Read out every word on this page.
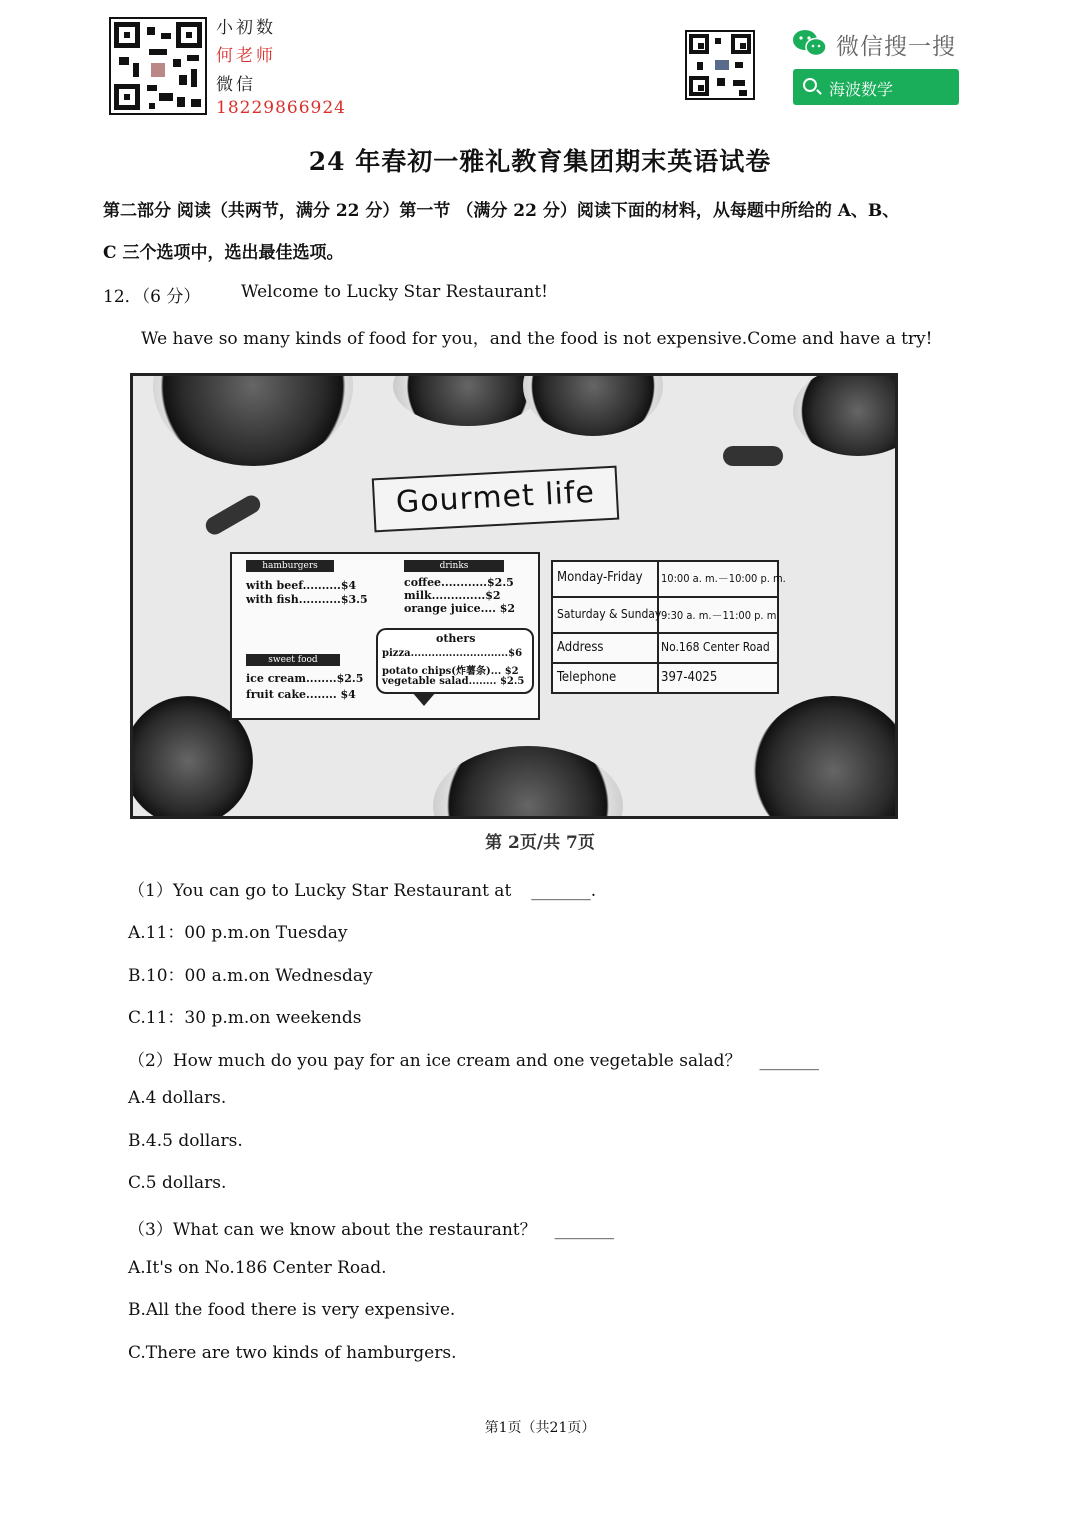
小初数
何老师
微信
18229866924
微信搜一搜
海波数学
24 年春初一雅礼教育集团期末英语试卷
第二部分 阅读（共两节，满分 22 分）第一节 （满分 22 分）阅读下面的材料，从每题中所给的 A、B、
C 三个选项中，选出最佳选项。
12．（6 分） Welcome to Lucky Star Restaurant!
We have so many kinds of food for you，and the food is not expensive.Come and have a try!
Gourmet life
hamburgers
with beef..........$4
with fish...........$3.5
drinks
coffee............$2.5
milk..............$2
orange juice.... $2
sweet food
ice cream........$2.5
fruit cake........ $4
others
pizza............................$6
potato chips(炸薯条)... $2
vegetable salad........ $2.5
Monday-Friday 10:00 a. m.－10:00 p. m.
Saturday & Sunday 9:30 a. m.－11:00 p. m.
Address	No.168 Center Road
Telephone	397-4025
第 2页/共 7页
（1）You can go to Lucky Star Restaurant at _______.
A.11：00 p.m.on Tuesday
B.10：00 a.m.on Wednesday
C.11：30 p.m.on weekends
（2）How much do you pay for an ice cream and one vegetable salad？ _______
A.4 dollars.
B.4.5 dollars.
C.5 dollars.
（3）What can we know about the restaurant？ _______
A.It's on No.186 Center Road.
B.All the food there is very expensive.
C.There are two kinds of hamburgers.
第1页（共21页）
